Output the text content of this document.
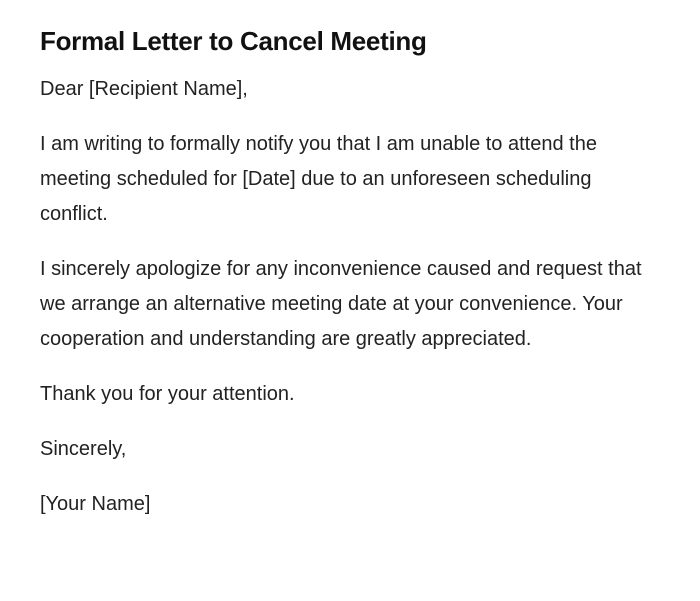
Formal Letter to Cancel Meeting

Dear [Recipient Name],

I am writing to formally notify you that I am unable to attend the meeting scheduled for [Date] due to an unforeseen scheduling conflict.

I sincerely apologize for any inconvenience caused and request that we arrange an alternative meeting date at your convenience. Your cooperation and understanding are greatly appreciated.

Thank you for your attention.

Sincerely,

[Your Name]
